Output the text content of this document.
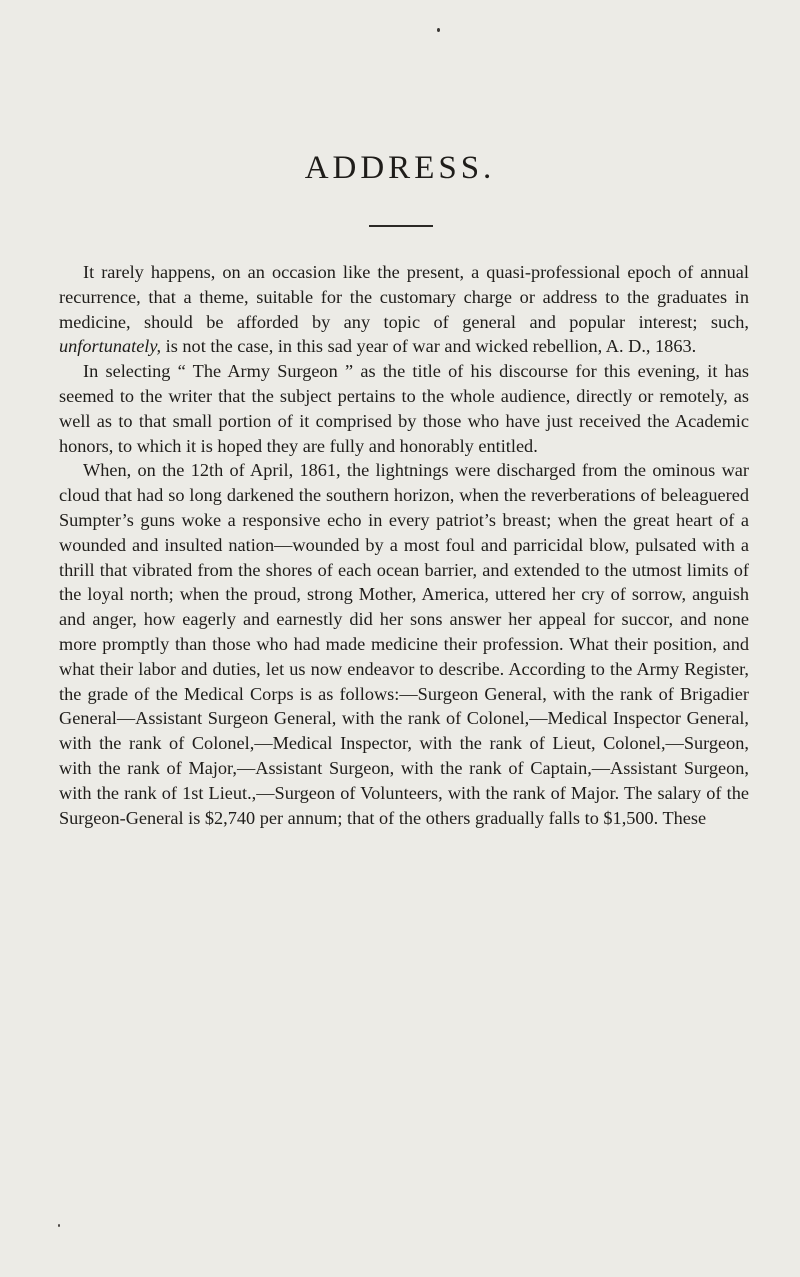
ADDRESS.

It rarely happens, on an occasion like the present, a quasi-professional epoch of annual recurrence, that a theme, suitable for the customary charge or address to the graduates in medicine, should be afforded by any topic of general and popular interest; such, unfortunately, is not the case, in this sad year of war and wicked rebellion, A. D., 1863.

In selecting “ The Army Surgeon ” as the title of his discourse for this evening, it has seemed to the writer that the subject pertains to the whole audience, directly or remotely, as well as to that small portion of it comprised by those who have just received the Academic honors, to which it is hoped they are fully and honorably entitled.

When, on the 12th of April, 1861, the lightnings were discharged from the ominous war cloud that had so long darkened the southern horizon, when the reverberations of beleaguered Sumpter’s guns woke a responsive echo in every patriot’s breast; when the great heart of a wounded and insulted nation—wounded by a most foul and parricidal blow, pulsated with a thrill that vibrated from the shores of each ocean barrier, and extended to the utmost limits of the loyal north; when the proud, strong Mother, America, uttered her cry of sorrow, anguish and anger, how eagerly and earnestly did her sons answer her appeal for succor, and none more promptly than those who had made medicine their profession. What their position, and what their labor and duties, let us now endeavor to describe. According to the Army Register, the grade of the Medical Corps is as follows:—Surgeon General, with the rank of Brigadier General—Assistant Surgeon General, with the rank of Colonel,—Medical Inspector General, with the rank of Colonel,—Medical Inspector, with the rank of Lieut, Colonel,—Surgeon, with the rank of Major,—Assistant Surgeon, with the rank of Captain,—Assistant Surgeon, with the rank of 1st Lieut.,—Surgeon of Volunteers, with the rank of Major. The salary of the Surgeon-General is $2,740 per annum; that of the others gradually falls to $1,500. These
